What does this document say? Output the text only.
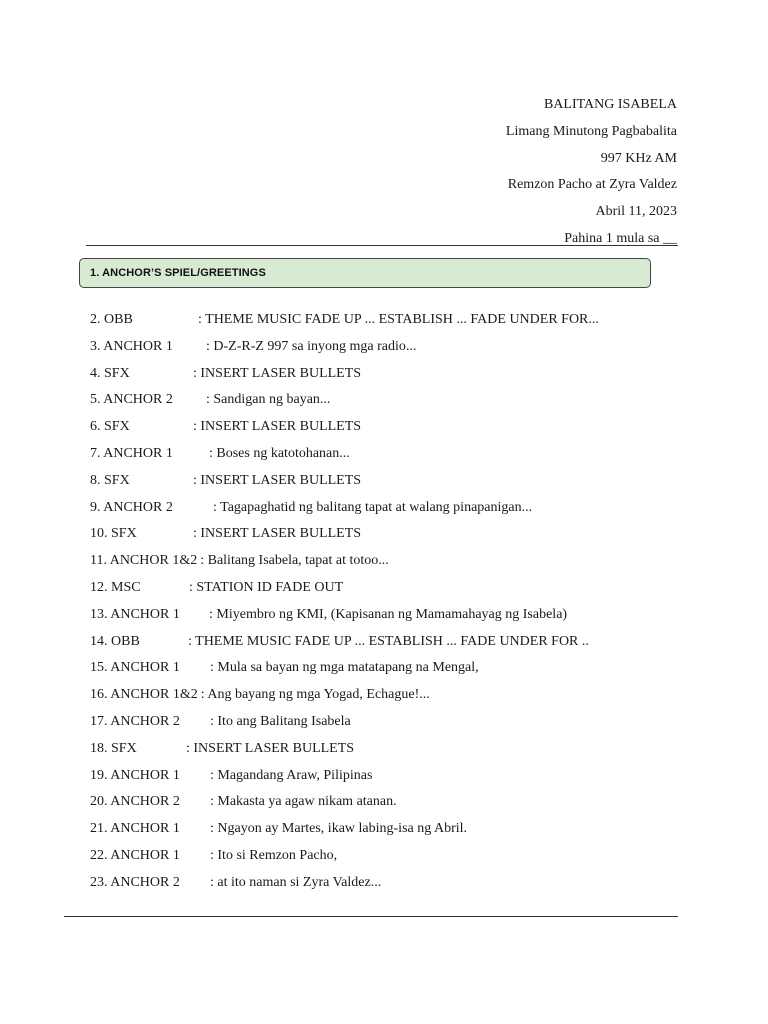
BALITANG ISABELA
Limang Minutong Pagbabalita
997 KHz AM
Remzon Pacho at Zyra Valdez
Abril 11, 2023
Pahina 1 mula sa __
1. ANCHOR’S SPIEL/GREETINGS
2. OBB	: THEME MUSIC FADE UP ... ESTABLISH ... FADE UNDER FOR...
3. ANCHOR 1 : D-Z-R-Z 997 sa inyong mga radio...
4. SFX	: INSERT LASER BULLETS
5. ANCHOR 2 : Sandigan ng bayan...
6. SFX	: INSERT LASER BULLETS
7. ANCHOR 1	: Boses ng katotohanan...
8. SFX	: INSERT LASER BULLETS
9. ANCHOR 2	: Tagapaghatid ng balitang tapat at walang pinapanigan...
10. SFX	: INSERT LASER BULLETS
11. ANCHOR 1&2 : Balitang Isabela, tapat at totoo...
12. MSC	: STATION ID FADE OUT
13. ANCHOR 1 : Miyembro ng KMI, (Kapisanan ng Mamamahayag ng Isabela)
14. OBB	: THEME MUSIC FADE UP ... ESTABLISH ... FADE UNDER FOR ..
15. ANCHOR 1 : Mula sa bayan ng mga matatapang na Mengal,
16. ANCHOR 1&2 : Ang bayang ng mga Yogad, Echague!...
17. ANCHOR 2 : Ito ang Balitang Isabela
18. SFX	: INSERT LASER BULLETS
19. ANCHOR 1 : Magandang Araw, Pilipinas
20. ANCHOR 2 : Makasta ya agaw nikam atanan.
21. ANCHOR 1 : Ngayon ay Martes, ikaw labing-isa ng Abril.
22. ANCHOR 1 : Ito si Remzon Pacho,
23. ANCHOR 2 : at ito naman si Zyra Valdez...
